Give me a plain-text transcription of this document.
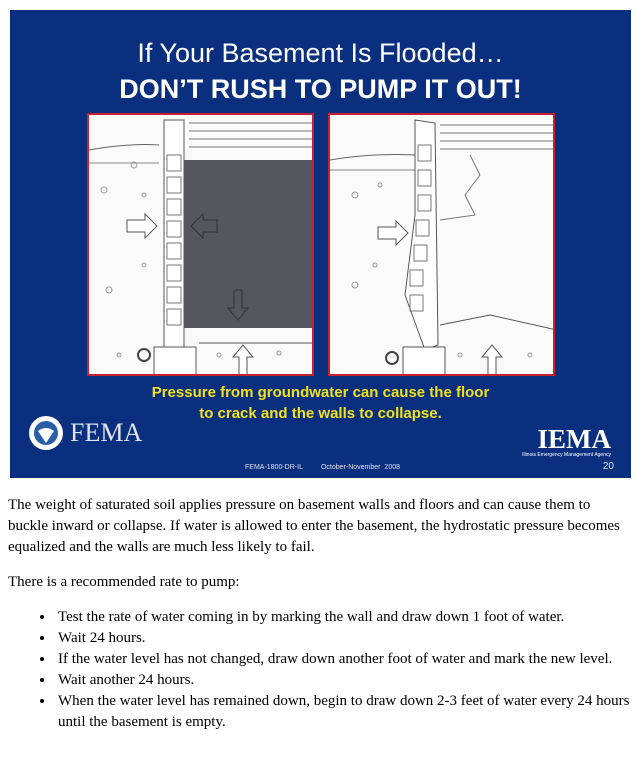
If Your Basement Is Flooded…
DON’T RUSH TO PUMP IT OUT!
Pressure from groundwater can cause the floor
to crack and the walls to collapse.
FEMA	IEMA
Illinois Emergency Management Agency
FEMA-1800-DR-IL	October-November 2008	20

The weight of saturated soil applies pressure on basement walls and floors and can cause them to buckle inward or collapse. If water is allowed to enter the basement, the hydrostatic pressure becomes equalized and the walls are much less likely to fail.

There is a recommended rate to pump:

• Test the rate of water coming in by marking the wall and draw down 1 foot of water.
• Wait 24 hours.
• If the water level has not changed, draw down another foot of water and mark the new level.
• Wait another 24 hours.
• When the water level has remained down, begin to draw down 2-3 feet of water every 24 hours until the basement is empty.
